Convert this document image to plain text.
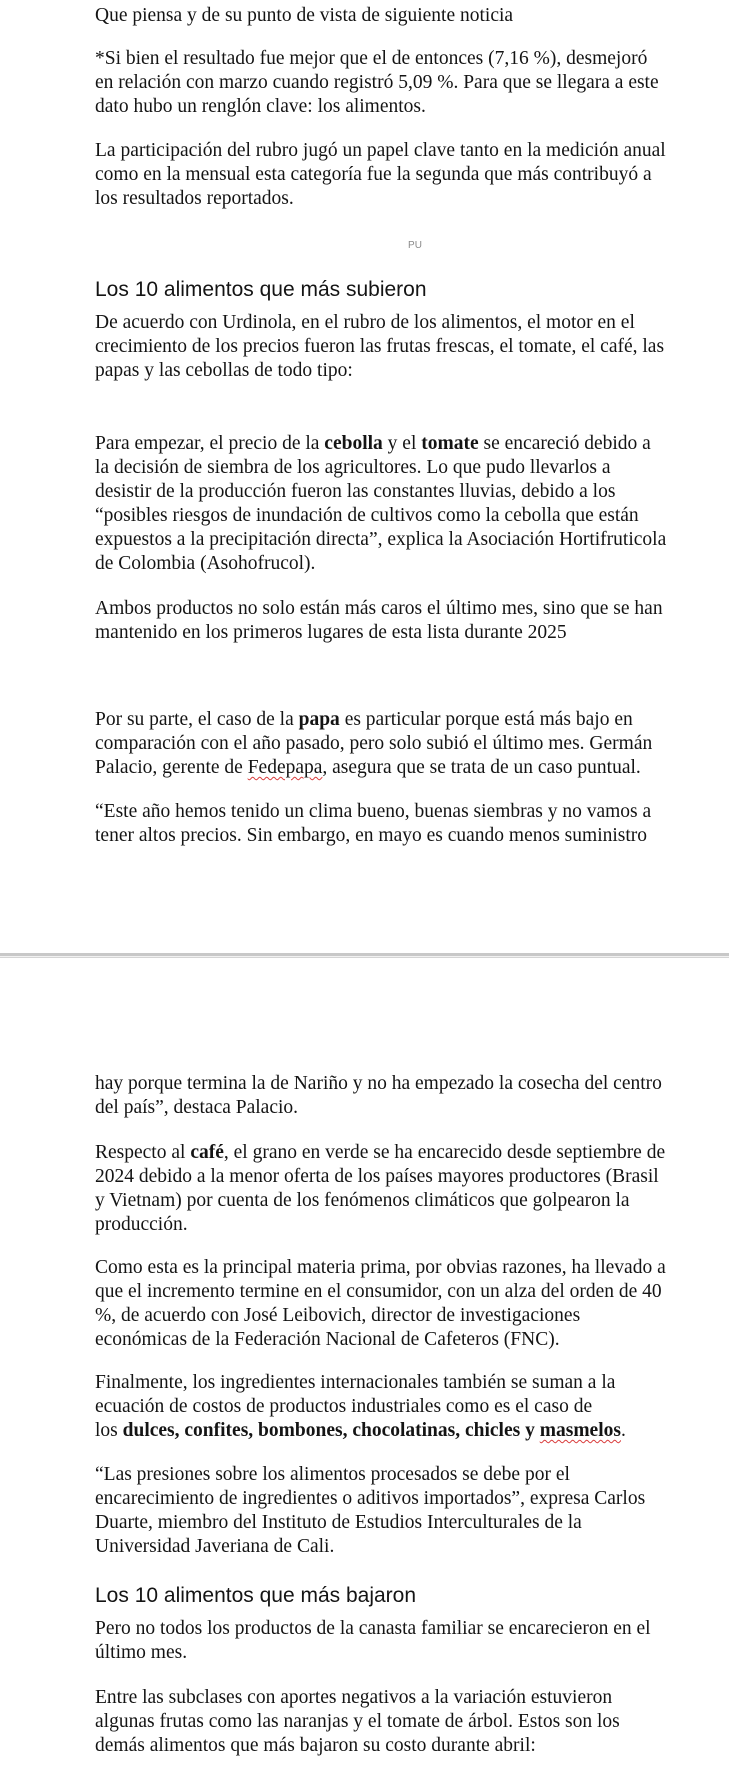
Que piensa y de su punto de vista de siguiente noticia

*Si bien el resultado fue mejor que el de entonces (7,16 %), desmejoró
en relación con marzo cuando registró 5,09 %. Para que se llegara a este
dato hubo un renglón clave: los alimentos.

La participación del rubro jugó un papel clave tanto en la medición anual
como en la mensual esta categoría fue la segunda que más contribuyó a
los resultados reportados.

PU
Los 10 alimentos que más subieron

De acuerdo con Urdinola, en el rubro de los alimentos, el motor en el
crecimiento de los precios fueron las frutas frescas, el tomate, el café, las
papas y las cebollas de todo tipo:

Para empezar, el precio de la cebolla y el tomate se encareció debido a
la decisión de siembra de los agricultores. Lo que pudo llevarlos a
desistir de la producción fueron las constantes lluvias, debido a los
“posibles riesgos de inundación de cultivos como la cebolla que están
expuestos a la precipitación directa”, explica la Asociación Hortifruticola
de Colombia (Asohofrucol).

Ambos productos no solo están más caros el último mes, sino que se han
mantenido en los primeros lugares de esta lista durante 2025

Por su parte, el caso de la papa es particular porque está más bajo en
comparación con el año pasado, pero solo subió el último mes. Germán
Palacio, gerente de Fedepapa, asegura que se trata de un caso puntual.

“Este año hemos tenido un clima bueno, buenas siembras y no vamos a
tener altos precios. Sin embargo, en mayo es cuando menos suministro

hay porque termina la de Nariño y no ha empezado la cosecha del centro
del país”, destaca Palacio.

Respecto al café, el grano en verde se ha encarecido desde septiembre de
2024 debido a la menor oferta de los países mayores productores (Brasil
y Vietnam) por cuenta de los fenómenos climáticos que golpearon la
producción.

Como esta es la principal materia prima, por obvias razones, ha llevado a
que el incremento termine en el consumidor, con un alza del orden de 40
%, de acuerdo con José Leibovich, director de investigaciones
económicas de la Federación Nacional de Cafeteros (FNC).

Finalmente, los ingredientes internacionales también se suman a la
ecuación de costos de productos industriales como es el caso de
los dulces, confites, bombones, chocolatinas, chicles y masmelos.

“Las presiones sobre los alimentos procesados se debe por el
encarecimiento de ingredientes o aditivos importados”, expresa Carlos
Duarte, miembro del Instituto de Estudios Interculturales de la
Universidad Javeriana de Cali.

Los 10 alimentos que más bajaron

Pero no todos los productos de la canasta familiar se encarecieron en el
último mes.

Entre las subclases con aportes negativos a la variación estuvieron
algunas frutas como las naranjas y el tomate de árbol. Estos son los
demás alimentos que más bajaron su costo durante abril:
